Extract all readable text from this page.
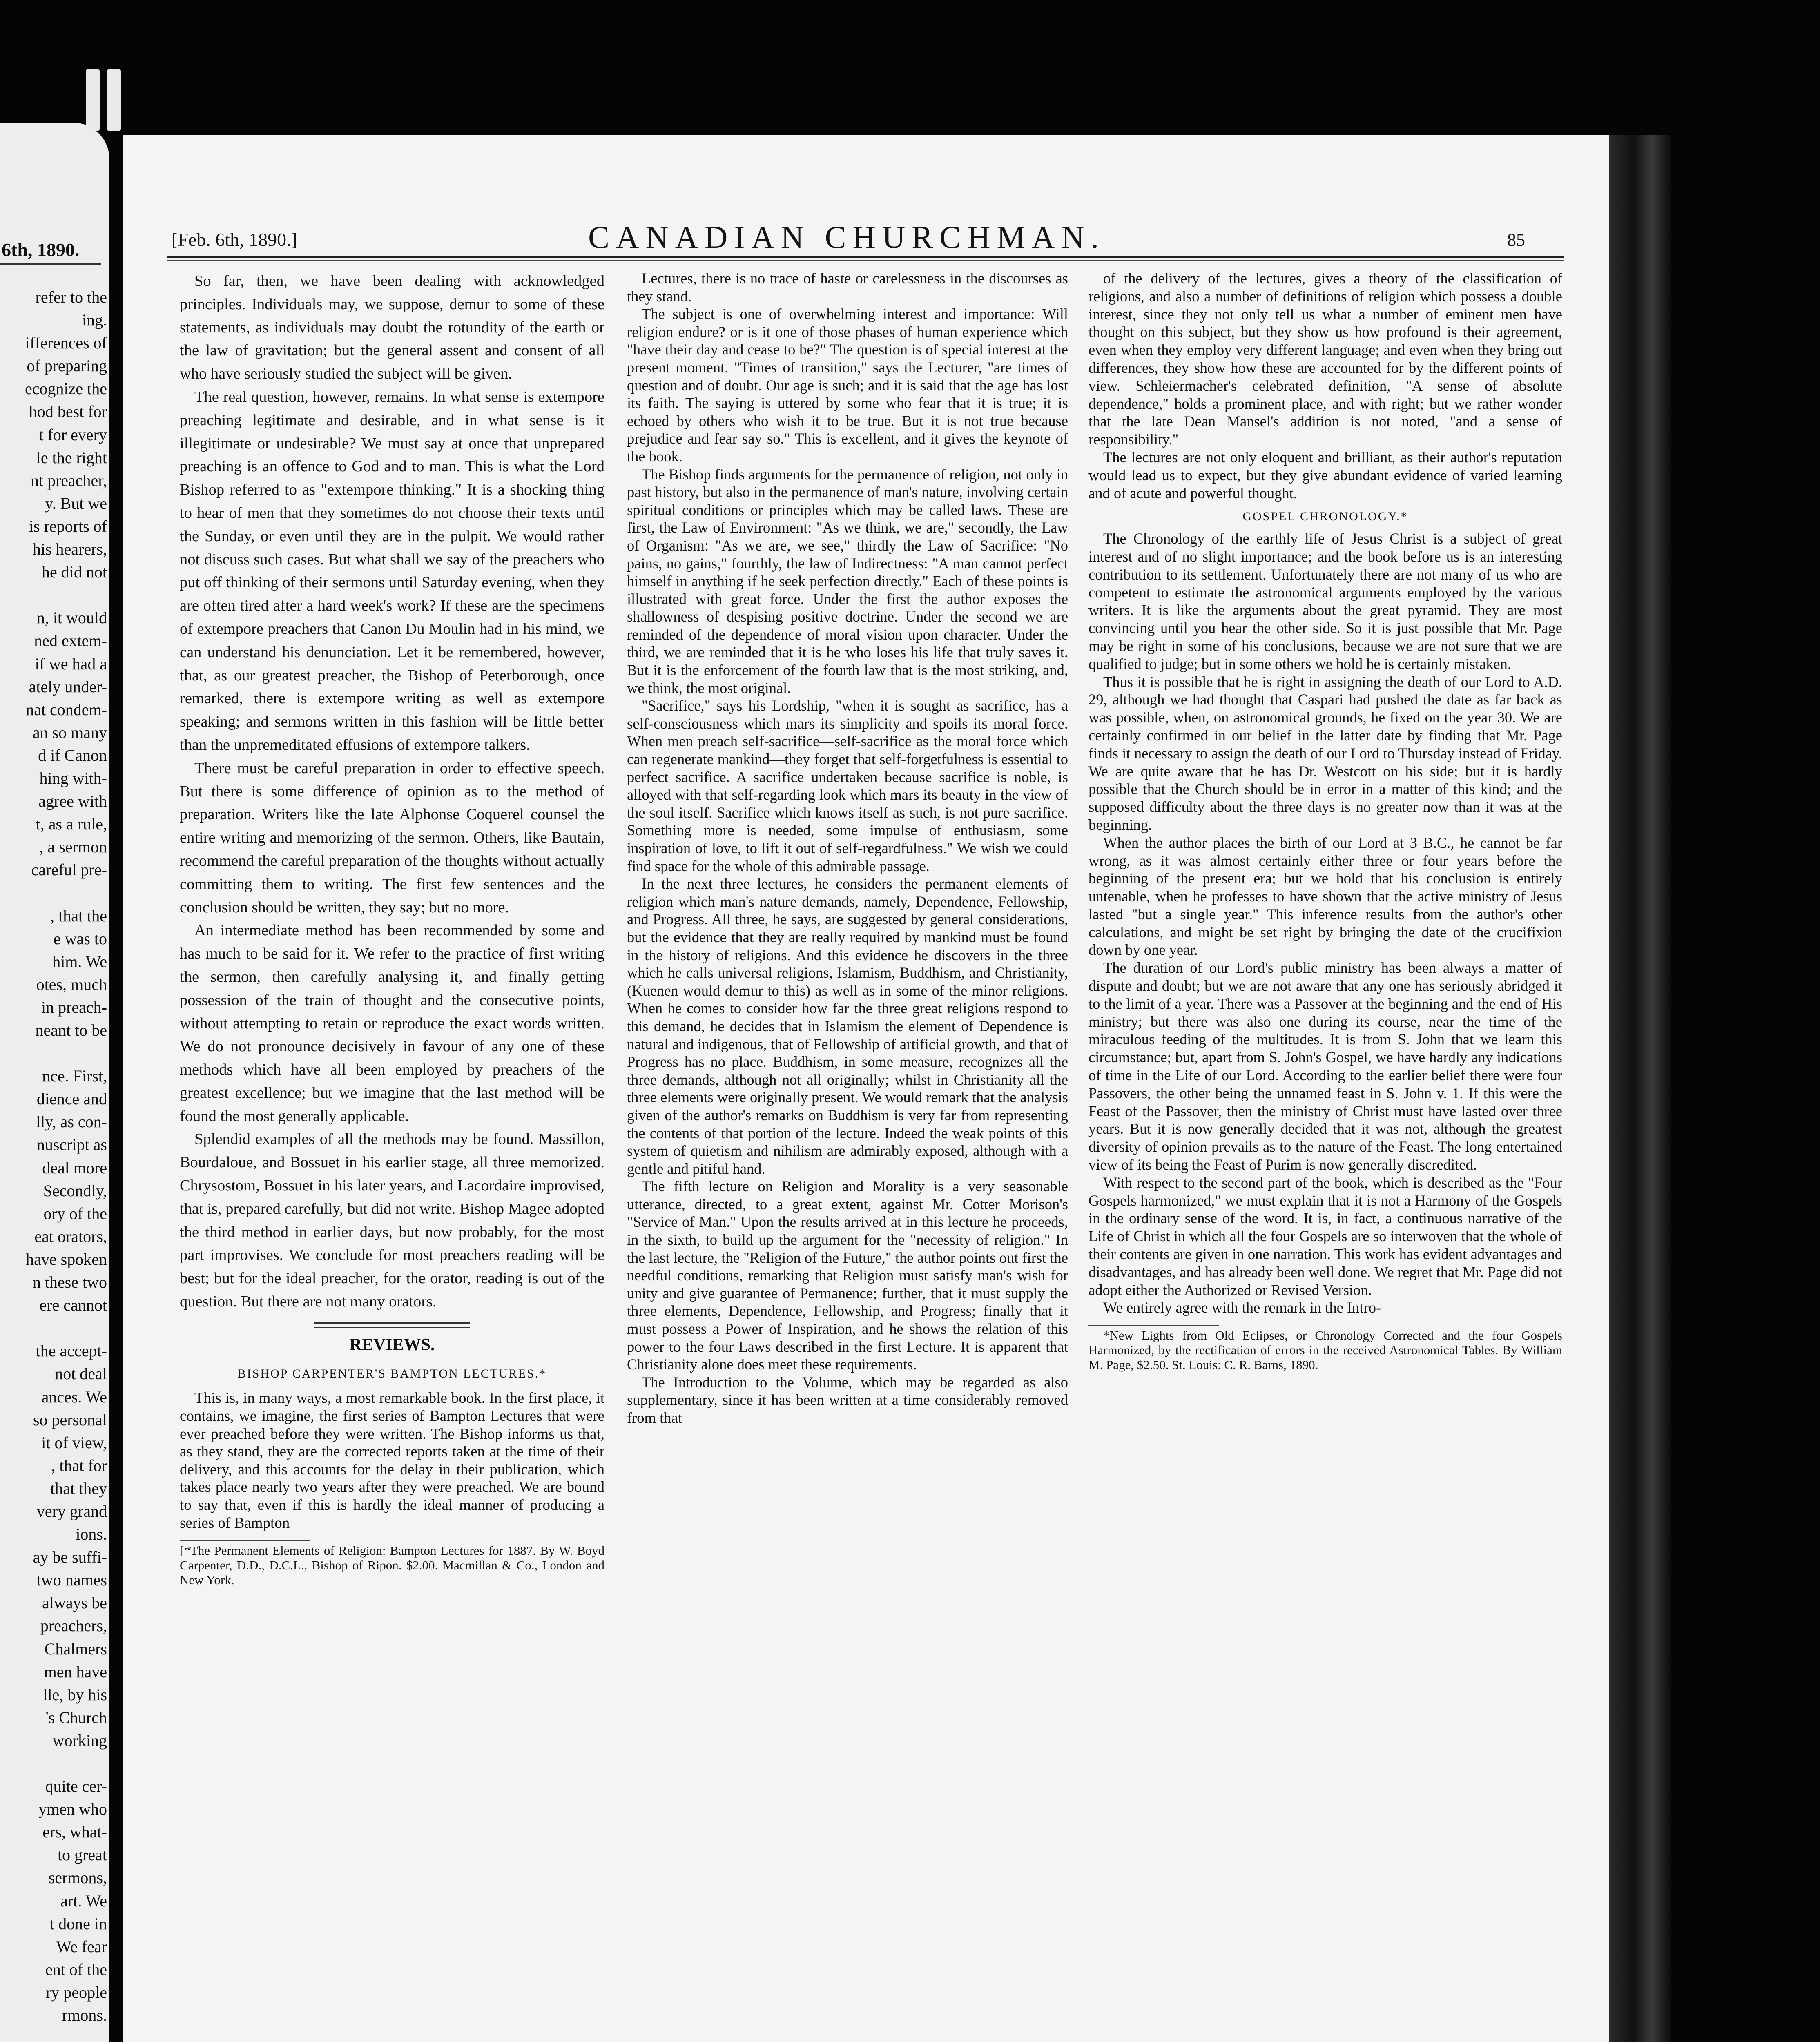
6th, 1890.
refer to the
ing.
ifferences of
of preparing
ecognize the
hod best for
t for every
le the right
nt preacher,
y. But we
is reports of
his hearers,
he did not
n, it would
ned extem-
if we had a
ately under-
nat condem-
an so many
d if Canon
hing with-
agree with
t, as a rule,
, a sermon
careful pre-
, that the
e was to
him. We
otes, much
in preach-
neant to be
nce. First,
dience and
lly, as con-
nuscript as
deal more
Secondly,
ory of the
eat orators,
have spoken
n these two
ere cannot
the accept-
not deal
ances. We
so personal
it of view,
, that for
that they
very grand
ions.
ay be suffi-
two names
always be
preachers,
Chalmers
men have
lle, by his
's Church
working
quite cer-
ymen who
ers, what-
to great
sermons,
art. We
t done in
We fear
ent of the
ry people
rmons.
[Feb. 6th, 1890.]	CANADIAN CHURCHMAN.	85

So far, then, we have been dealing with acknowledged principles. Individuals may, we suppose, demur to some of these statements, as individuals may doubt the rotundity of the earth or the law of gravitation; but the general assent and consent of all who have seriously studied the subject will be given.

The real question, however, remains. In what sense is extempore preaching legitimate and desirable, and in what sense is it illegitimate or undesirable? We must say at once that unprepared preaching is an offence to God and to man. This is what the Lord Bishop referred to as "extempore thinking." It is a shocking thing to hear of men that they sometimes do not choose their texts until the Sunday, or even until they are in the pulpit. We would rather not discuss such cases. But what shall we say of the preachers who put off thinking of their sermons until Saturday evening, when they are often tired after a hard week's work? If these are the specimens of extempore preachers that Canon Du Moulin had in his mind, we can understand his denunciation. Let it be remembered, however, that, as our greatest preacher, the Bishop of Peterborough, once remarked, there is extempore writing as well as extempore speaking; and sermons written in this fashion will be little better than the unpremeditated effusions of extempore talkers.

There must be careful preparation in order to effective speech. But there is some difference of opinion as to the method of preparation. Writers like the late Alphonse Coquerel counsel the entire writing and memorizing of the sermon. Others, like Bautain, recommend the careful preparation of the thoughts without actually committing them to writing. The first few sentences and the conclusion should be written, they say; but no more.

An intermediate method has been recommended by some and has much to be said for it. We refer to the practice of first writing the sermon, then carefully analysing it, and finally getting possession of the train of thought and the consecutive points, without attempting to retain or reproduce the exact words written. We do not pronounce decisively in favour of any one of these methods which have all been employed by preachers of the greatest excellence; but we imagine that the last method will be found the most generally applicable.

Splendid examples of all the methods may be found. Massillon, Bourdaloue, and Bossuet in his earlier stage, all three memorized. Chrysostom, Bossuet in his later years, and Lacordaire improvised, that is, prepared carefully, but did not write. Bishop Magee adopted the third method in earlier days, but now probably, for the most part improvises. We conclude for most preachers reading will be best; but for the ideal preacher, for the orator, reading is out of the question. But there are not many orators.

REVIEWS.
BISHOP CARPENTER'S BAMPTON LECTURES.*

This is, in many ways, a most remarkable book. In the first place, it contains, we imagine, the first series of Bampton Lectures that were ever preached before they were written. The Bishop informs us that, as they stand, they are the corrected reports taken at the time of their delivery, and this accounts for the delay in their publication, which takes place nearly two years after they were preached. We are bound to say that, even if this is hardly the ideal manner of producing a series of Bampton

[*The Permanent Elements of Religion: Bampton Lectures for 1887. By W. Boyd Carpenter, D.D., D.C.L., Bishop of Ripon. $2.00. Macmillan & Co., London and New York.

Lectures, there is no trace of haste or carelessness in the discourses as they stand.

The subject is one of overwhelming interest and importance: Will religion endure? or is it one of those phases of human experience which "have their day and cease to be?" The question is of special interest at the present moment. "Times of transition," says the Lecturer, "are times of question and of doubt. Our age is such; and it is said that the age has lost its faith. The saying is uttered by some who fear that it is true; it is echoed by others who wish it to be true. But it is not true because prejudice and fear say so." This is excellent, and it gives the keynote of the book.

The Bishop finds arguments for the permanence of religion, not only in past history, but also in the permanence of man's nature, involving certain spiritual conditions or principles which may be called laws. These are first, the Law of Environment: "As we think, we are," secondly, the Law of Organism: "As we are, we see," thirdly the Law of Sacrifice: "No pains, no gains," fourthly, the law of Indirectness: "A man cannot perfect himself in anything if he seek perfection directly." Each of these points is illustrated with great force. Under the first the author exposes the shallowness of despising positive doctrine. Under the second we are reminded of the dependence of moral vision upon character. Under the third, we are reminded that it is he who loses his life that truly saves it. But it is the enforcement of the fourth law that is the most striking, and, we think, the most original.

"Sacrifice," says his Lordship, "when it is sought as sacrifice, has a self-consciousness which mars its simplicity and spoils its moral force. When men preach self-sacrifice—self-sacrifice as the moral force which can regenerate mankind—they forget that self-forgetfulness is essential to perfect sacrifice. A sacrifice undertaken because sacrifice is noble, is alloyed with that self-regarding look which mars its beauty in the view of the soul itself. Sacrifice which knows itself as such, is not pure sacrifice. Something more is needed, some impulse of enthusiasm, some inspiration of love, to lift it out of self-regardfulness." We wish we could find space for the whole of this admirable passage.

In the next three lectures, he considers the permanent elements of religion which man's nature demands, namely, Dependence, Fellowship, and Progress. All three, he says, are suggested by general considerations, but the evidence that they are really required by mankind must be found in the history of religions. And this evidence he discovers in the three which he calls universal religions, Islamism, Buddhism, and Christianity, (Kuenen would demur to this) as well as in some of the minor religions. When he comes to consider how far the three great religions respond to this demand, he decides that in Islamism the element of Dependence is natural and indigenous, that of Fellowship of artificial growth, and that of Progress has no place. Buddhism, in some measure, recognizes all the three demands, although not all originally; whilst in Christianity all the three elements were originally present. We would remark that the analysis given of the author's remarks on Buddhism is very far from representing the contents of that portion of the lecture. Indeed the weak points of this system of quietism and nihilism are admirably exposed, although with a gentle and pitiful hand.

The fifth lecture on Religion and Morality is a very seasonable utterance, directed, to a great extent, against Mr. Cotter Morison's "Service of Man." Upon the results arrived at in this lecture he proceeds, in the sixth, to build up the argument for the "necessity of religion." In the last lecture, the "Religion of the Future," the author points out first the needful conditions, remarking that Religion must satisfy man's wish for unity and give guarantee of Permanence; further, that it must supply the three elements, Dependence, Fellowship, and Progress; finally that it must possess a Power of Inspiration, and he shows the relation of this power to the four Laws described in the first Lecture. It is apparent that Christianity alone does meet these requirements.

The Introduction to the Volume, which may be regarded as also supplementary, since it has been written at a time considerably removed from that

of the delivery of the lectures, gives a theory of the classification of religions, and also a number of definitions of religion which possess a double interest, since they not only tell us what a number of eminent men have thought on this subject, but they show us how profound is their agreement, even when they employ very different language; and even when they bring out differences, they show how these are accounted for by the different points of view. Schleiermacher's celebrated definition, "A sense of absolute dependence," holds a prominent place, and with right; but we rather wonder that the late Dean Mansel's addition is not noted, "and a sense of responsibility."

The lectures are not only eloquent and brilliant, as their author's reputation would lead us to expect, but they give abundant evidence of varied learning and of acute and powerful thought.

GOSPEL CHRONOLOGY.*

The Chronology of the earthly life of Jesus Christ is a subject of great interest and of no slight importance; and the book before us is an interesting contribution to its settlement. Unfortunately there are not many of us who are competent to estimate the astronomical arguments employed by the various writers. It is like the arguments about the great pyramid. They are most convincing until you hear the other side. So it is just possible that Mr. Page may be right in some of his conclusions, because we are not sure that we are qualified to judge; but in some others we hold he is certainly mistaken.

Thus it is possible that he is right in assigning the death of our Lord to A.D. 29, although we had thought that Caspari had pushed the date as far back as was possible, when, on astronomical grounds, he fixed on the year 30. We are certainly confirmed in our belief in the latter date by finding that Mr. Page finds it necessary to assign the death of our Lord to Thursday instead of Friday. We are quite aware that he has Dr. Westcott on his side; but it is hardly possible that the Church should be in error in a matter of this kind; and the supposed difficulty about the three days is no greater now than it was at the beginning.

When the author places the birth of our Lord at 3 B.C., he cannot be far wrong, as it was almost certainly either three or four years before the beginning of the present era; but we hold that his conclusion is entirely untenable, when he professes to have shown that the active ministry of Jesus lasted "but a single year." This inference results from the author's other calculations, and might be set right by bringing the date of the crucifixion down by one year.

The duration of our Lord's public ministry has been always a matter of dispute and doubt; but we are not aware that any one has seriously abridged it to the limit of a year. There was a Passover at the beginning and the end of His ministry; but there was also one during its course, near the time of the miraculous feeding of the multitudes. It is from S. John that we learn this circumstance; but, apart from S. John's Gospel, we have hardly any indications of time in the Life of our Lord. According to the earlier belief there were four Passovers, the other being the unnamed feast in S. John v. 1. If this were the Feast of the Passover, then the ministry of Christ must have lasted over three years. But it is now generally decided that it was not, although the greatest diversity of opinion prevails as to the nature of the Feast. The long entertained view of its being the Feast of Purim is now generally discredited.

With respect to the second part of the book, which is described as the "Four Gospels harmonized," we must explain that it is not a Harmony of the Gospels in the ordinary sense of the word. It is, in fact, a continuous narrative of the Life of Christ in which all the four Gospels are so interwoven that the whole of their contents are given in one narration. This work has evident advantages and disadvantages, and has already been well done. We regret that Mr. Page did not adopt either the Authorized or Revised Version.

We entirely agree with the remark in the Intro-

*New Lights from Old Eclipses, or Chronology Corrected and the four Gospels Harmonized, by the rectification of errors in the received Astronomical Tables. By William M. Page, $2.50. St. Louis: C. R. Barns, 1890.
